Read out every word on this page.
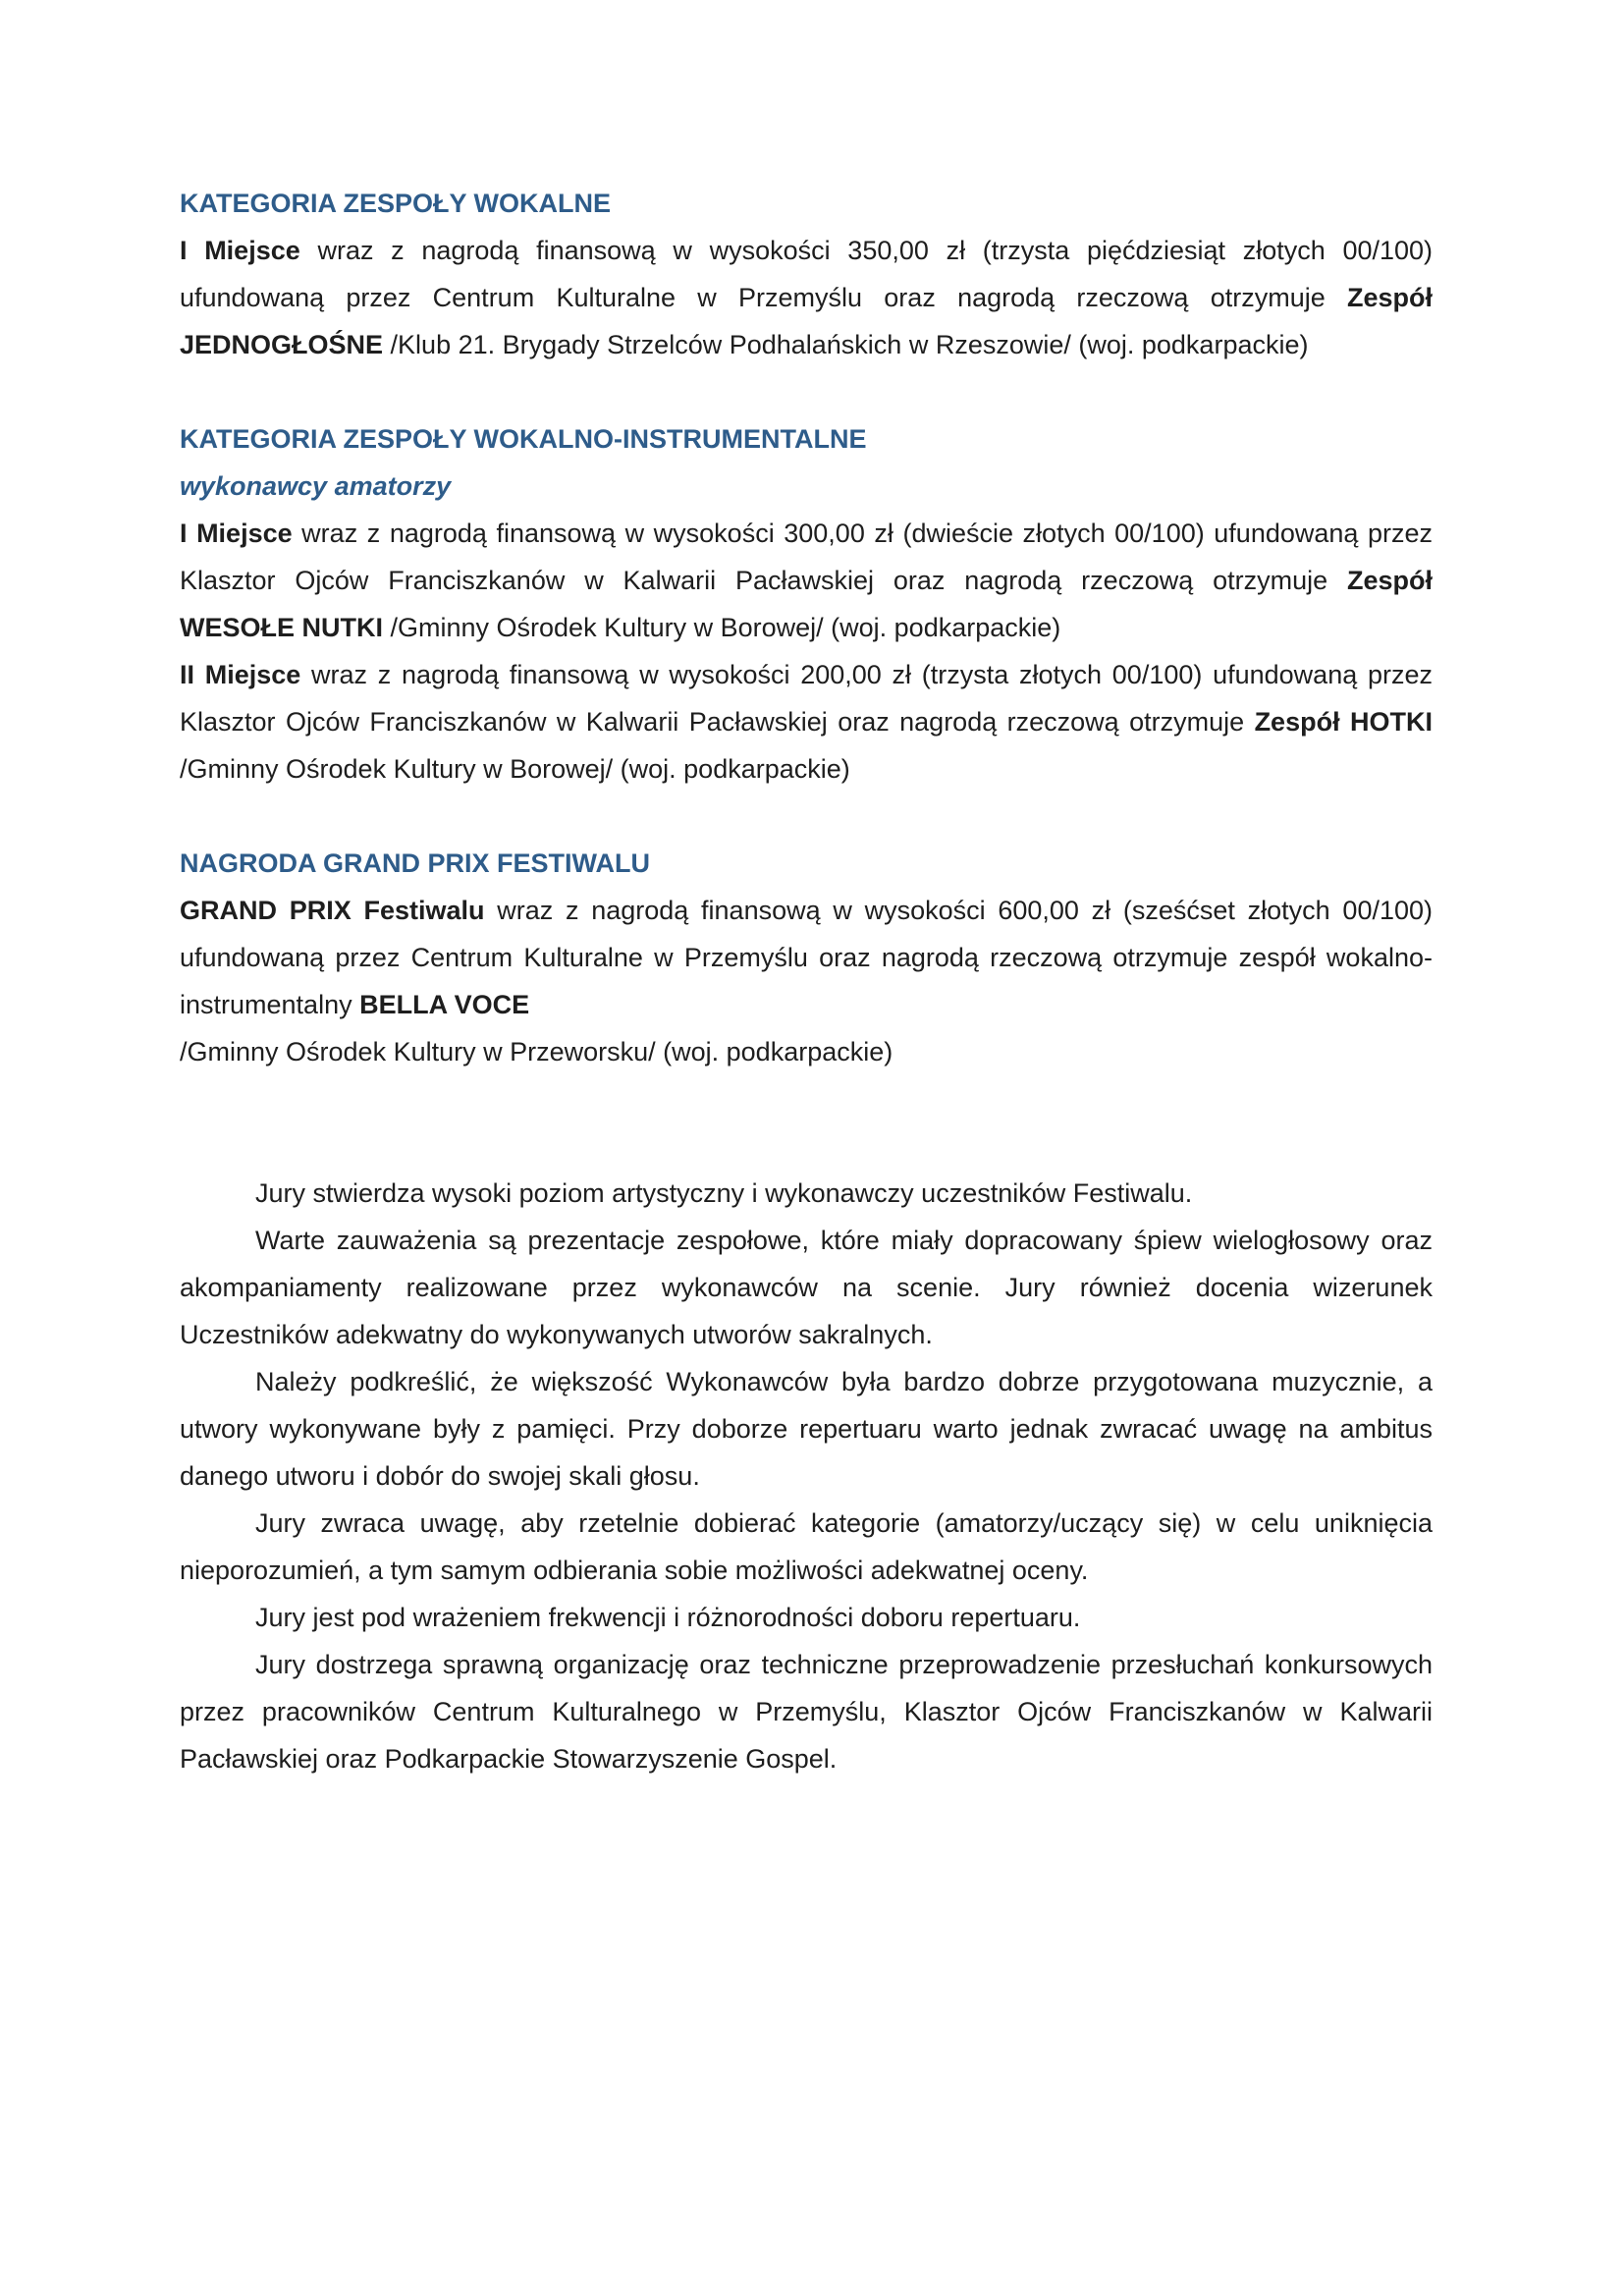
KATEGORIA ZESPOŁY WOKALNE

I Miejsce wraz z nagrodą finansową w wysokości 350,00 zł (trzysta pięćdziesiąt złotych 00/100) ufundowaną przez Centrum Kulturalne w Przemyślu oraz nagrodą rzeczową otrzymuje Zespół JEDNOGŁOŚNE /Klub 21. Brygady Strzelców Podhalańskich w Rzeszowie/ (woj. podkarpackie)

KATEGORIA ZESPOŁY WOKALNO-INSTRUMENTALNE
wykonawcy amatorzy

I Miejsce wraz z nagrodą finansową w wysokości 300,00 zł (dwieście złotych 00/100) ufundowaną przez Klasztor Ojców Franciszkanów w Kalwarii Pacławskiej oraz nagrodą rzeczową otrzymuje Zespół WESOŁE NUTKI /Gminny Ośrodek Kultury w Borowej/ (woj. podkarpackie)

II Miejsce wraz z nagrodą finansową w wysokości 200,00 zł (trzysta złotych 00/100) ufundowaną przez Klasztor Ojców Franciszkanów w Kalwarii Pacławskiej oraz nagrodą rzeczową otrzymuje Zespół HOTKI /Gminny Ośrodek Kultury w Borowej/ (woj. podkarpackie)

NAGRODA GRAND PRIX FESTIWALU

GRAND PRIX Festiwalu wraz z nagrodą finansową w wysokości 600,00 zł (sześćset złotych 00/100) ufundowaną przez Centrum Kulturalne w Przemyślu oraz nagrodą rzeczową otrzymuje zespół wokalno-instrumentalny BELLA VOCE

/Gminny Ośrodek Kultury w Przeworsku/ (woj. podkarpackie)

Jury stwierdza wysoki poziom artystyczny i wykonawczy uczestników Festiwalu.

Warte zauważenia są prezentacje zespołowe, które miały dopracowany śpiew wielogłosowy oraz akompaniamenty realizowane przez wykonawców na scenie. Jury również docenia wizerunek Uczestników adekwatny do wykonywanych utworów sakralnych.

Należy podkreślić, że większość Wykonawców była bardzo dobrze przygotowana muzycznie, a utwory wykonywane były z pamięci. Przy doborze repertuaru warto jednak zwracać uwagę na ambitus danego utworu i dobór do swojej skali głosu.

Jury zwraca uwagę, aby rzetelnie dobierać kategorie (amatorzy/uczący się) w celu uniknięcia nieporozumień, a tym samym odbierania sobie możliwości adekwatnej oceny.

Jury jest pod wrażeniem frekwencji i różnorodności doboru repertuaru.

Jury dostrzega sprawną organizację oraz techniczne przeprowadzenie przesłuchań konkursowych przez pracowników Centrum Kulturalnego w Przemyślu, Klasztor Ojców Franciszkanów w Kalwarii Pacławskiej oraz Podkarpackie Stowarzyszenie Gospel.
